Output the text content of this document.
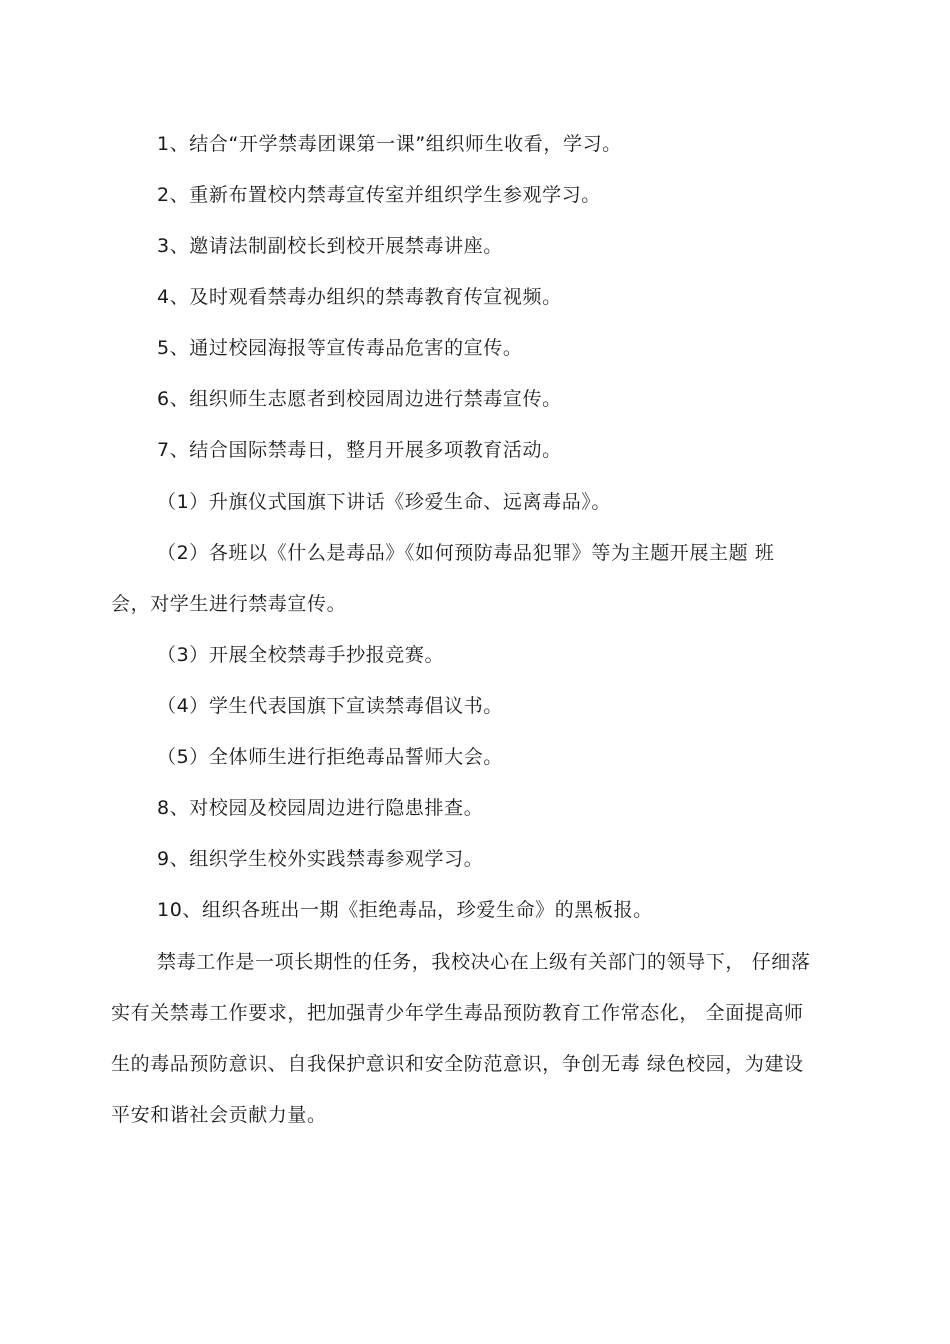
1、结合“开学禁毒团课第一课”组织师生收看，学习。
2、重新布置校内禁毒宣传室并组织学生参观学习。
3、邀请法制副校长到校开展禁毒讲座。
4、及时观看禁毒办组织的禁毒教育传宣视频。
5、通过校园海报等宣传毒品危害的宣传。
6、组织师生志愿者到校园周边进行禁毒宣传。
7、结合国际禁毒日，整月开展多项教育活动。
（1）升旗仪式国旗下讲话《珍爱生命、远离毒品》。
（2）各班以《什么是毒品》《如何预防毒品犯罪》等为主题开展主题 班
会，对学生进行禁毒宣传。
（3）开展全校禁毒手抄报竞赛。
（4）学生代表国旗下宣读禁毒倡议书。
（5）全体师生进行拒绝毒品誓师大会。
8、对校园及校园周边进行隐患排查。
9、组织学生校外实践禁毒参观学习。
10、组织各班出一期《拒绝毒品，珍爱生命》的黑板报。
禁毒工作是一项长期性的任务，我校决心在上级有关部门的领导下， 仔细落
实有关禁毒工作要求，把加强青少年学生毒品预防教育工作常态化， 全面提高师
生的毒品预防意识、自我保护意识和安全防范意识，争创无毒 绿色校园，为建设
平安和谐社会贡献力量。
